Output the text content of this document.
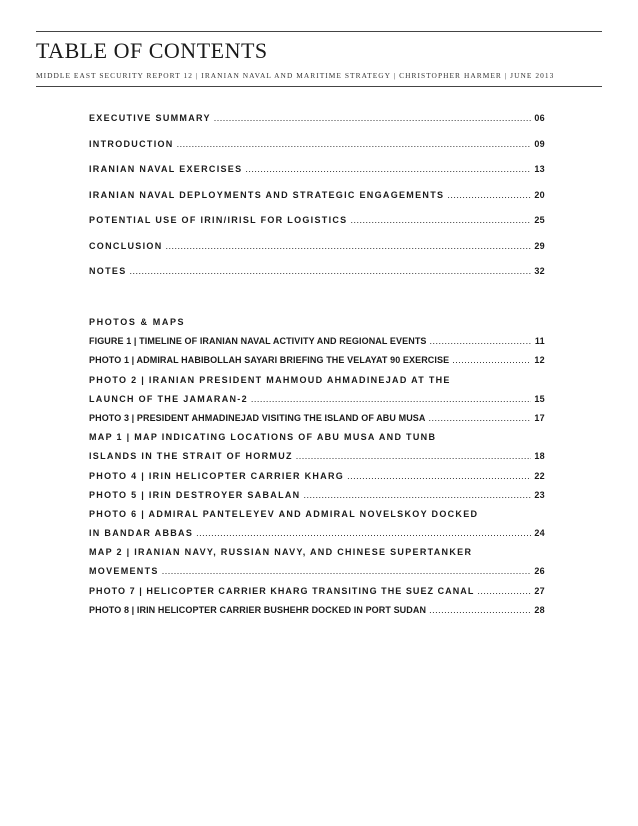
TABLE OF CONTENTS
MIDDLE EAST SECURITY REPORT 12 | IRANIAN NAVAL AND MARITIME STRATEGY | CHRISTOPHER HARMER | JUNE 2013
EXECUTIVE SUMMARY .....	06
INTRODUCTION .....	09
IRANIAN NAVAL EXERCISES .....	13
IRANIAN NAVAL DEPLOYMENTS AND STRATEGIC ENGAGEMENTS .....	20
POTENTIAL USE OF IRIN/IRISL FOR LOGISTICS .....	25
CONCLUSION .....	29
NOTES .....	32
PHOTOS & MAPS
FIGURE 1 | TIMELINE OF IRANIAN NAVAL ACTIVITY AND REGIONAL EVENTS .....	11
PHOTO 1 | ADMIRAL HABIBOLLAH SAYARI BRIEFING THE VELAYAT 90 EXERCISE .....	12
PHOTO 2 | IRANIAN PRESIDENT MAHMOUD AHMADINEJAD AT THE
LAUNCH OF THE JAMARAN-2 .....	15
PHOTO 3 | PRESIDENT AHMADINEJAD VISITING THE ISLAND OF ABU MUSA .....	17
MAP 1 | MAP INDICATING LOCATIONS OF ABU MUSA AND TUNB
ISLANDS IN THE STRAIT OF HORMUZ .....	18
PHOTO 4 | IRIN HELICOPTER CARRIER KHARG .....	22
PHOTO 5 | IRIN DESTROYER SABALAN .....	23
PHOTO 6 | ADMIRAL PANTELEYEV AND ADMIRAL NOVELSKOY DOCKED
IN BANDAR ABBAS .....	24
MAP 2 | IRANIAN NAVY, RUSSIAN NAVY, AND CHINESE SUPERTANKER
MOVEMENTS .....	26
PHOTO 7 | HELICOPTER CARRIER KHARG TRANSITING THE SUEZ CANAL .....	27
PHOTO 8 | IRIN HELICOPTER CARRIER BUSHEHR DOCKED IN PORT SUDAN .....	28
